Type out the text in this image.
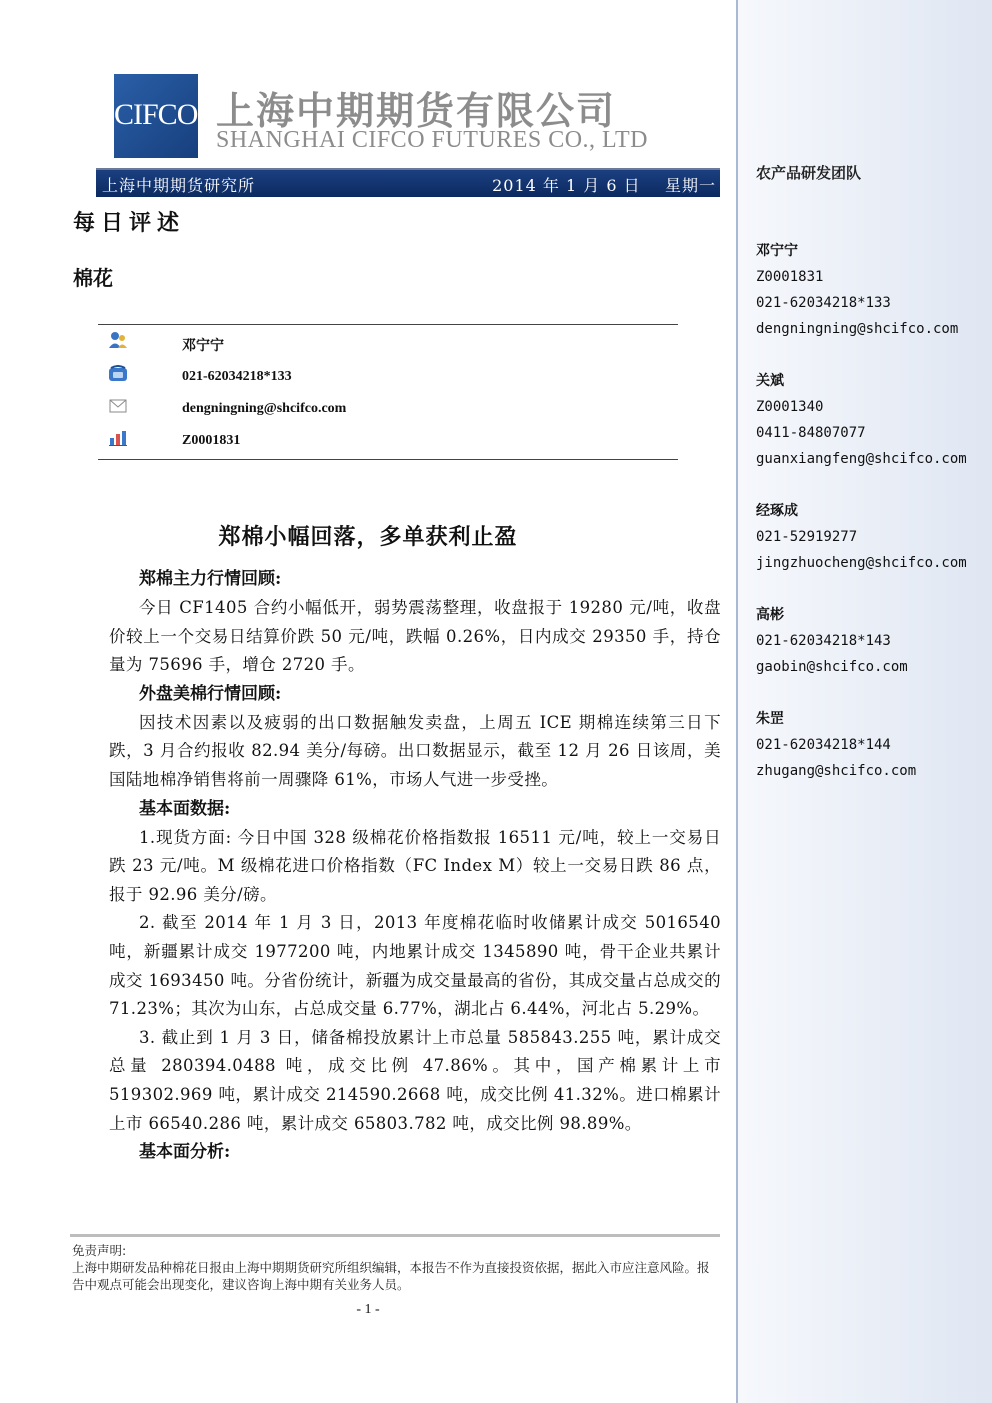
CIFCO 上海中期期货有限公司
SHANGHAI CIFCO FUTURES CO., LTD
上海中期期货研究所	2014 年 1 月 6 日 星期一
每日评述
棉花
邓宁宁
021-62034218*133
dengningning@shcifco.com
Z0001831
郑棉小幅回落，多单获利止盈
郑棉主力行情回顾:

今日 CF1405 合约小幅低开，弱势震荡整理，收盘报于 19280 元/吨，收盘价较上一个交易日结算价跌 50 元/吨，跌幅 0.26%，日内成交 29350 手，持仓量为 75696 手，增仓 2720 手。

外盘美棉行情回顾:

因技术因素以及疲弱的出口数据触发卖盘，上周五 ICE 期棉连续第三日下跌，3 月合约报收 82.94 美分/每磅。出口数据显示，截至 12 月 26 日该周，美国陆地棉净销售将前一周骤降 61%，市场人气进一步受挫。

基本面数据:

1.现货方面: 今日中国 328 级棉花价格指数报 16511 元/吨，较上一交易日跌 23 元/吨。M 级棉花进口价格指数（FC Index M）较上一交易日跌 86 点，报于 92.96 美分/磅。

2. 截至 2014 年 1 月 3 日，2013 年度棉花临时收储累计成交 5016540 吨，新疆累计成交 1977200 吨，内地累计成交 1345890 吨，骨干企业共累计成交 1693450 吨。分省份统计，新疆为成交量最高的省份，其成交量占总成交的 71.23%；其次为山东，占总成交量 6.77%，湖北占 6.44%，河北占 5.29%。

3. 截止到 1 月 3 日，储备棉投放累计上市总量 585843.255 吨，累计成交总量 280394.0488 吨，成交比例 47.86%。其中，国产棉累计上市 519302.969 吨，累计成交 214590.2668 吨，成交比例 41.32%。进口棉累计上市 66540.286 吨，累计成交 65803.782 吨，成交比例 98.89%。

基本面分析:
免责声明:
上海中期研发品种棉花日报由上海中期期货研究所组织编辑，本报告不作为直接投资依据，据此入市应注意风险。报告中观点可能会出现变化，建议咨询上海中期有关业务人员。
- 1 -
农产品研发团队
邓宁宁
Z0001831
021-62034218*133
dengningning@shcifco.com
关斌
Z0001340
0411-84807077
guanxiangfeng@shcifco.com
经琢成
021-52919277
jingzhuocheng@shcifco.com
高彬
021-62034218*143
gaobin@shcifco.com
朱罡
021-62034218*144
zhugang@shcifco.com
